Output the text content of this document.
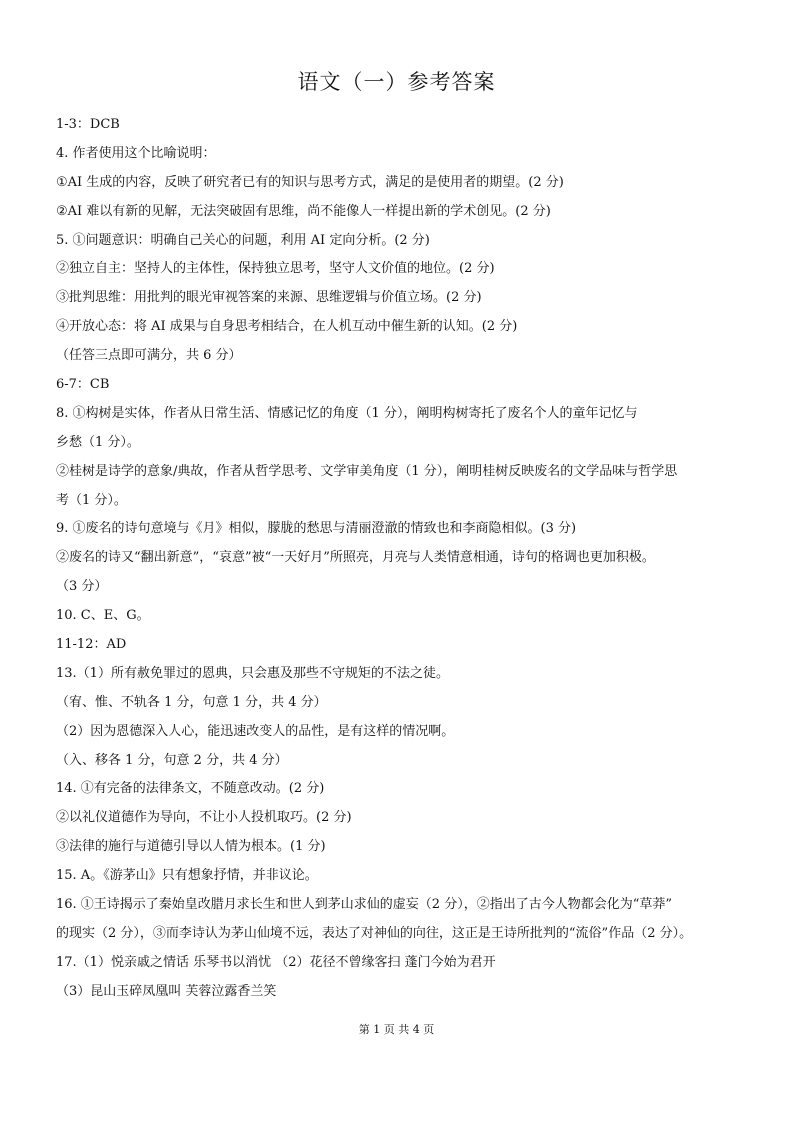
语文（一）参考答案

1-3：DCB

4. 作者使用这个比喻说明：

①AI 生成的内容，反映了研究者已有的知识与思考方式，满足的是使用者的期望。(2 分)

②AI 难以有新的见解，无法突破固有思维，尚不能像人一样提出新的学术创见。(2 分)

5. ①问题意识：明确自己关心的问题，利用 AI 定向分析。(2 分)

②独立自主：坚持人的主体性，保持独立思考，坚守人文价值的地位。(2 分)

③批判思维：用批判的眼光审视答案的来源、思维逻辑与价值立场。(2 分)

④开放心态：将 AI 成果与自身思考相结合，在人机互动中催生新的认知。(2 分)

（任答三点即可满分，共 6 分）

6-7：CB

8. ①构树是实体，作者从日常生活、情感记忆的角度（1 分），阐明构树寄托了废名个人的童年记忆与

乡愁（1 分）。

②桂树是诗学的意象/典故，作者从哲学思考、文学审美角度（1 分），阐明桂树反映废名的文学品味与哲学思

考（1 分）。

9. ①废名的诗句意境与《月》相似，朦胧的愁思与清丽澄澈的情致也和李商隐相似。(3 分)

②废名的诗又“翻出新意”，“哀意”被“一天好月”所照亮，月亮与人类情意相通，诗句的格调也更加积极。

（3 分）

10. C、E、G。

11-12：AD

13.（1）所有赦免罪过的恩典，只会惠及那些不守规矩的不法之徒。

（宥、惟、不轨各 1 分，句意 1 分，共 4 分）

（2）因为恩德深入人心，能迅速改变人的品性，是有这样的情况啊。

（入、移各 1 分，句意 2 分，共 4 分）

14. ①有完备的法律条文，不随意改动。(2 分)

②以礼仪道德作为导向，不让小人投机取巧。(2 分)

③法律的施行与道德引导以人情为根本。(1 分)

15. A。《游茅山》只有想象抒情，并非议论。

16. ①王诗揭示了秦始皇改腊月求长生和世人到茅山求仙的虚妄（2 分），②指出了古今人物都会化为“草莽”

的现实（2 分），③而李诗认为茅山仙境不远，表达了对神仙的向往，这正是王诗所批判的“流俗”作品（2 分）。

17.（1）悦亲戚之情话 乐琴书以消忧 （2）花径不曾缘客扫 蓬门今始为君开

（3）昆山玉碎凤凰叫 芙蓉泣露香兰笑

第 1 页 共 4 页
